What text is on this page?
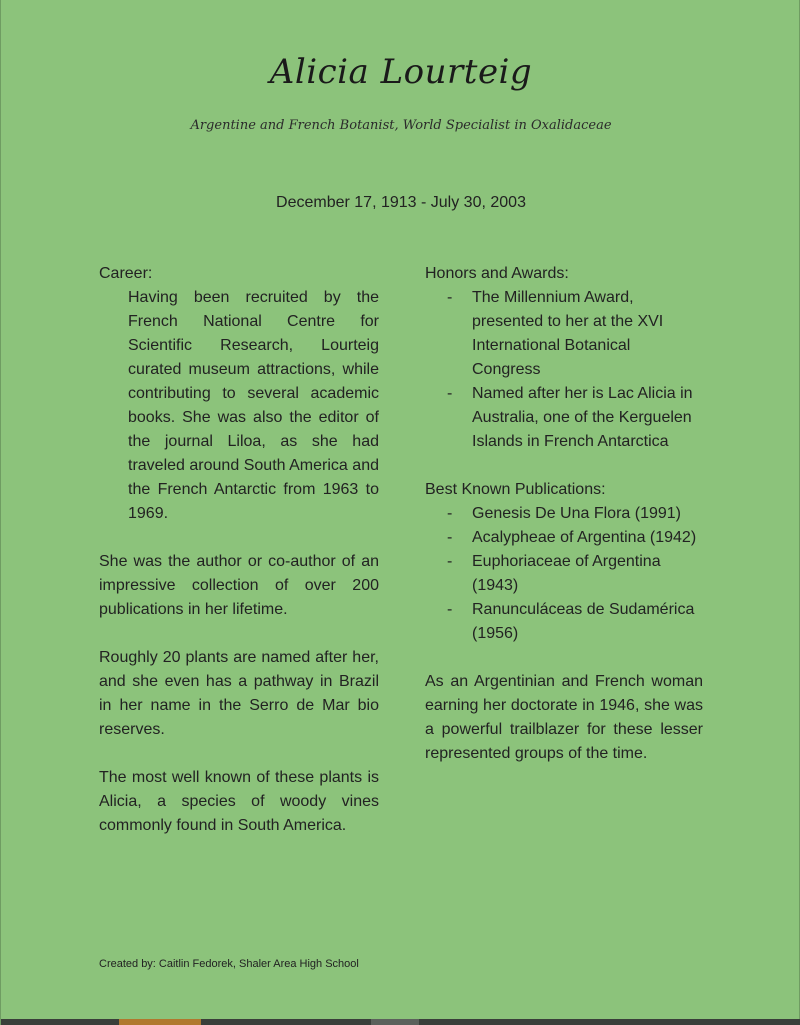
Alicia Lourteig
Argentine and French Botanist, World Specialist in Oxalidaceae
December 17, 1913 - July 30, 2003

Career:

Having been recruited by the French National Centre for Scientific Research, Lourteig curated museum attractions, while contributing to several academic books. She was also the editor of the journal Liloa, as she had traveled around South America and the French Antarctic from 1963 to 1969.

She was the author or co-author of an impressive collection of over 200 publications in her lifetime.

Roughly 20 plants are named after her, and she even has a pathway in Brazil in her name in the Serro de Mar bio reserves.

The most well known of these plants is Alicia, a species of woody vines commonly found in South America.

Honors and Awards:

- The Millennium Award, presented to her at the XVI International Botanical Congress
- Named after her is Lac Alicia in Australia, one of the Kerguelen Islands in French Antarctica

Best Known Publications:

- Genesis De Una Flora (1991)
- Acalypheae of Argentina (1942)
- Euphoriaceae of Argentina (1943)
- Ranunculáceas de Sudamérica (1956)

As an Argentinian and French woman earning her doctorate in 1946, she was a powerful trailblazer for these lesser represented groups of the time.

Created by: Caitlin Fedorek, Shaler Area High School
